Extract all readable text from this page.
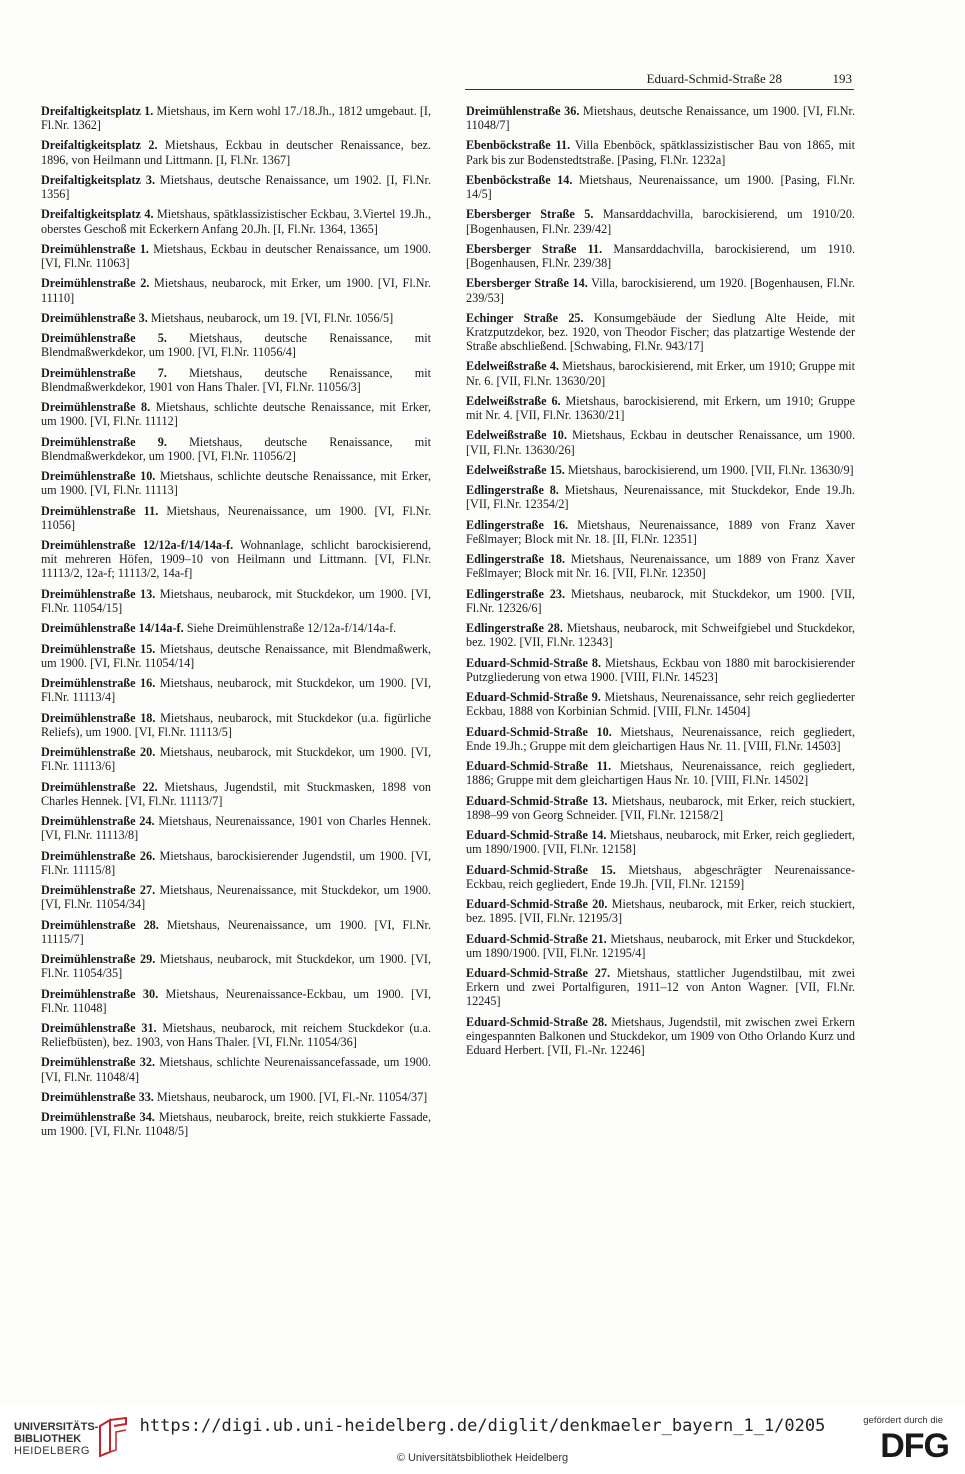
Eduard-Schmid-Straße 28	193
Dreifaltigkeitsplatz 1. Mietshaus, im Kern wohl 17./18.Jh., 1812 umgebaut. [I, Fl.Nr. 1362]
Dreifaltigkeitsplatz 2. Mietshaus, Eckbau in deutscher Renaissance, bez. 1896, von Heilmann und Littmann. [I, Fl.Nr. 1367]
Dreifaltigkeitsplatz 3. Mietshaus, deutsche Renaissance, um 1902. [I, Fl.Nr. 1356]
Dreifaltigkeitsplatz 4. Mietshaus, spätklassizistischer Eckbau, 3.Viertel 19.Jh., oberstes Geschoß mit Eckerkern Anfang 20.Jh. [I, Fl.Nr. 1364, 1365]
Dreimühlenstraße 1. Mietshaus, Eckbau in deutscher Renaissance, um 1900. [VI, Fl.Nr. 11063]
Dreimühlenstraße 2. Mietshaus, neubarock, mit Erker, um 1900. [VI, Fl.Nr. 11110]
Dreimühlenstraße 3. Mietshaus, neubarock, um 19. [VI, Fl.Nr. 1056/5]
Dreimühlenstraße 5. Mietshaus, deutsche Renaissance, mit Blendmaßwerkdekor, um 1900. [VI, Fl.Nr. 11056/4]
Dreimühlenstraße 7. Mietshaus, deutsche Renaissance, mit Blendmaßwerkdekor, 1901 von Hans Thaler. [VI, Fl.Nr. 11056/3]
Dreimühlenstraße 8. Mietshaus, schlichte deutsche Renaissance, mit Erker, um 1900. [VI, Fl.Nr. 11112]
Dreimühlenstraße 9. Mietshaus, deutsche Renaissance, mit Blendmaßwerkdekor, um 1900. [VI, Fl.Nr. 11056/2]
Dreimühlenstraße 10. Mietshaus, schlichte deutsche Renaissance, mit Erker, um 1900. [VI, Fl.Nr. 11113]
Dreimühlenstraße 11. Mietshaus, Neurenaissance, um 1900. [VI, Fl.Nr. 11056]
Dreimühlenstraße 12/12a-f/14/14a-f. Wohnanlage, schlicht barockisierend, mit mehreren Höfen, 1909–10 von Heilmann und Littmann. [VI, Fl.Nr. 11113/2, 12a-f; 11113/2, 14a-f]
Dreimühlenstraße 13. Mietshaus, neubarock, mit Stuckdekor, um 1900. [VI, Fl.Nr. 11054/15]
Dreimühlenstraße 14/14a-f. Siehe Dreimühlenstraße 12/12a-f/14/14a-f.
Dreimühlenstraße 15. Mietshaus, deutsche Renaissance, mit Blendmaßwerk, um 1900. [VI, Fl.Nr. 11054/14]
Dreimühlenstraße 16. Mietshaus, neubarock, mit Stuckdekor, um 1900. [VI, Fl.Nr. 11113/4]
Dreimühlenstraße 18. Mietshaus, neubarock, mit Stuckdekor (u.a. figürliche Reliefs), um 1900. [VI, Fl.Nr. 11113/5]
Dreimühlenstraße 20. Mietshaus, neubarock, mit Stuckdekor, um 1900. [VI, Fl.Nr. 11113/6]
Dreimühlenstraße 22. Mietshaus, Jugendstil, mit Stuckmasken, 1898 von Charles Hennek. [VI, Fl.Nr. 11113/7]
Dreimühlenstraße 24. Mietshaus, Neurenaissance, 1901 von Charles Hennek. [VI, Fl.Nr. 11113/8]
Dreimühlenstraße 26. Mietshaus, barockisierender Jugendstil, um 1900. [VI, Fl.Nr. 11115/8]
Dreimühlenstraße 27. Mietshaus, Neurenaissance, mit Stuckdekor, um 1900. [VI, Fl.Nr. 11054/34]
Dreimühlenstraße 28. Mietshaus, Neurenaissance, um 1900. [VI, Fl.Nr. 11115/7]
Dreimühlenstraße 29. Mietshaus, neubarock, mit Stuckdekor, um 1900. [VI, Fl.Nr. 11054/35]
Dreimühlenstraße 30. Mietshaus, Neurenaissance-Eckbau, um 1900. [VI, Fl.Nr. 11048]
Dreimühlenstraße 31. Mietshaus, neubarock, mit reichem Stuckdekor (u.a. Reliefbüsten), bez. 1903, von Hans Thaler. [VI, Fl.Nr. 11054/36]
Dreimühlenstraße 32. Mietshaus, schlichte Neurenaissancefassade, um 1900. [VI, Fl.Nr. 11048/4]
Dreimühlenstraße 33. Mietshaus, neubarock, um 1900. [VI, Fl.-Nr. 11054/37]
Dreimühlenstraße 34. Mietshaus, neubarock, breite, reich stukkierte Fassade, um 1900. [VI, Fl.Nr. 11048/5]
Dreimühlenstraße 36. Mietshaus, deutsche Renaissance, um 1900. [VI, Fl.Nr. 11048/7]
Ebenböckstraße 11. Villa Ebenböck, spätklassizistischer Bau von 1865, mit Park bis zur Bodenstedtstraße. [Pasing, Fl.Nr. 1232a]
Ebenböckstraße 14. Mietshaus, Neurenaissance, um 1900. [Pasing, Fl.Nr. 14/5]
Ebersberger Straße 5. Mansarddachvilla, barockisierend, um 1910/20. [Bogenhausen, Fl.Nr. 239/42]
Ebersberger Straße 11. Mansarddachvilla, barockisierend, um 1910. [Bogenhausen, Fl.Nr. 239/38]
Ebersberger Straße 14. Villa, barockisierend, um 1920. [Bogenhausen, Fl.Nr. 239/53]
Echinger Straße 25. Konsumgebäude der Siedlung Alte Heide, mit Kratzputzdekor, bez. 1920, von Theodor Fischer; das platzartige Westende der Straße abschließend. [Schwabing, Fl.Nr. 943/17]
Edelweißstraße 4. Mietshaus, barockisierend, mit Erker, um 1910; Gruppe mit Nr. 6. [VII, Fl.Nr. 13630/20]
Edelweißstraße 6. Mietshaus, barockisierend, mit Erkern, um 1910; Gruppe mit Nr. 4. [VII, Fl.Nr. 13630/21]
Edelweißstraße 10. Mietshaus, Eckbau in deutscher Renaissance, um 1900. [VII, Fl.Nr. 13630/26]
Edelweißstraße 15. Mietshaus, barockisierend, um 1900. [VII, Fl.Nr. 13630/9]
Edlingerstraße 8. Mietshaus, Neurenaissance, mit Stuckdekor, Ende 19.Jh. [VII, Fl.Nr. 12354/2]
Edlingerstraße 16. Mietshaus, Neurenaissance, 1889 von Franz Xaver Feßlmayer; Block mit Nr. 18. [II, Fl.Nr. 12351]
Edlingerstraße 18. Mietshaus, Neurenaissance, um 1889 von Franz Xaver Feßlmayer; Block mit Nr. 16. [VII, Fl.Nr. 12350]
Edlingerstraße 23. Mietshaus, neubarock, mit Stuckdekor, um 1900. [VII, Fl.Nr. 12326/6]
Edlingerstraße 28. Mietshaus, neubarock, mit Schweifgiebel und Stuckdekor, bez. 1902. [VII, Fl.Nr. 12343]
Eduard-Schmid-Straße 8. Mietshaus, Eckbau von 1880 mit barockisierender Putzgliederung von etwa 1900. [VIII, Fl.Nr. 14523]
Eduard-Schmid-Straße 9. Mietshaus, Neurenaissance, sehr reich gegliederter Eckbau, 1888 von Korbinian Schmid. [VIII, Fl.Nr. 14504]
Eduard-Schmid-Straße 10. Mietshaus, Neurenaissance, reich gegliedert, Ende 19.Jh.; Gruppe mit dem gleichartigen Haus Nr. 11. [VIII, Fl.Nr. 14503]
Eduard-Schmid-Straße 11. Mietshaus, Neurenaissance, reich gegliedert, 1886; Gruppe mit dem gleichartigen Haus Nr. 10. [VIII, Fl.Nr. 14502]
Eduard-Schmid-Straße 13. Mietshaus, neubarock, mit Erker, reich stuckiert, 1898–99 von Georg Schneider. [VII, Fl.Nr. 12158/2]
Eduard-Schmid-Straße 14. Mietshaus, neubarock, mit Erker, reich gegliedert, um 1890/1900. [VII, Fl.Nr. 12158]
Eduard-Schmid-Straße 15. Mietshaus, abgeschrägter Neurenaissance-Eckbau, reich gegliedert, Ende 19.Jh. [VII, Fl.Nr. 12159]
Eduard-Schmid-Straße 20. Mietshaus, neubarock, mit Erker, reich stuckiert, bez. 1895. [VII, Fl.Nr. 12195/3]
Eduard-Schmid-Straße 21. Mietshaus, neubarock, mit Erker und Stuckdekor, um 1890/1900. [VII, Fl.Nr. 12195/4]
Eduard-Schmid-Straße 27. Mietshaus, stattlicher Jugendstilbau, mit zwei Erkern und zwei Portalfiguren, 1911–12 von Anton Wagner. [VII, Fl.Nr. 12245]
Eduard-Schmid-Straße 28. Mietshaus, Jugendstil, mit zwischen zwei Erkern eingespannten Balkonen und Stuckdekor, um 1909 von Otho Orlando Kurz und Eduard Herbert. [VII, Fl.-Nr. 12246]
UNIVERSITÄTS-
BIBLIOTHEK
HEIDELBERG
https://digi.ub.uni-heidelberg.de/diglit/denkmaeler_bayern_1_1/0205
© Universitätsbibliothek Heidelberg
gefördert durch die
DFG
